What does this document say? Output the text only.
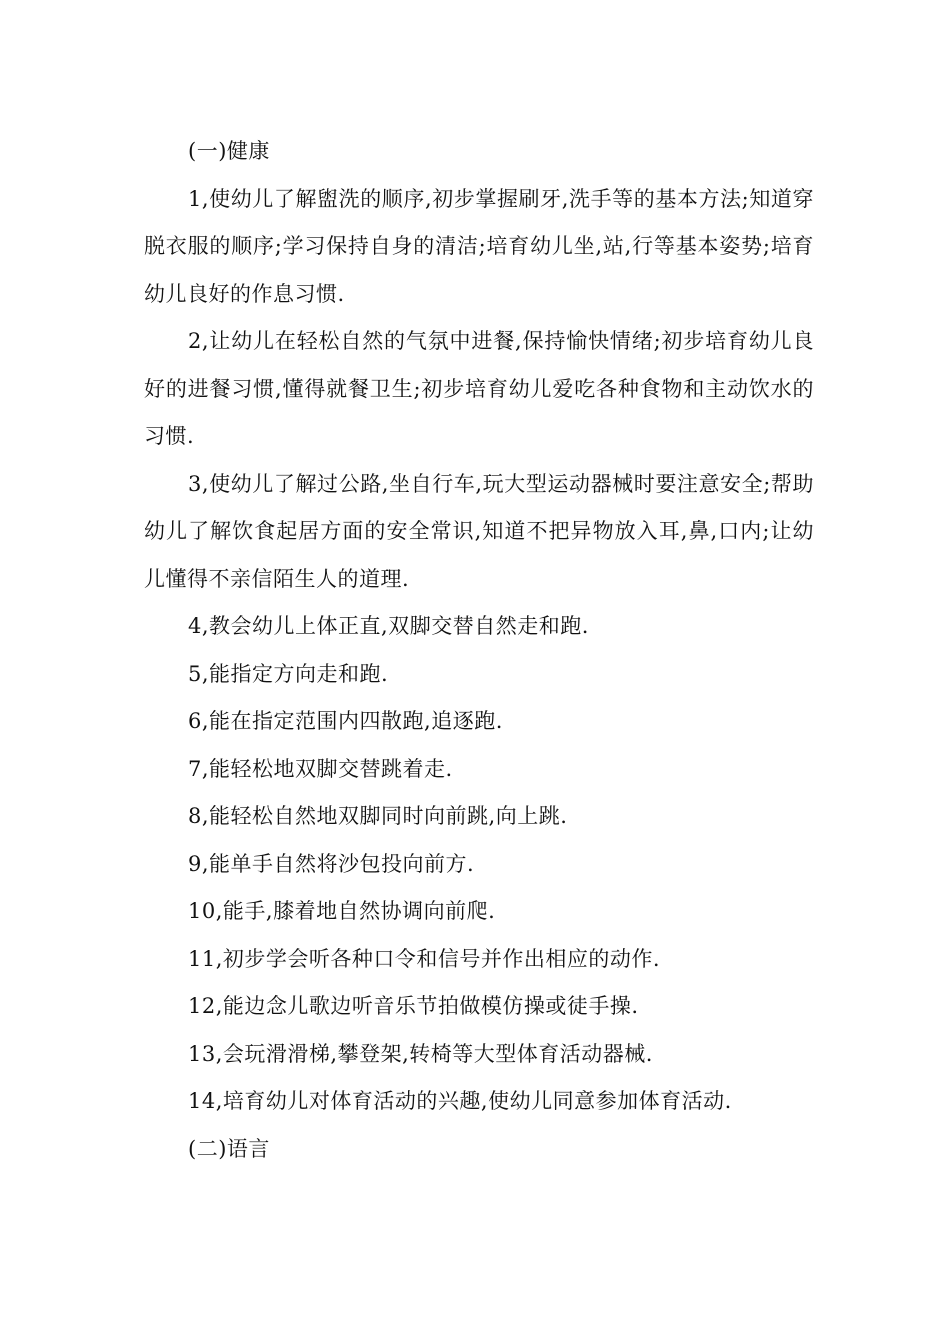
(一)健康

1,使幼儿了解盥洗的顺序,初步掌握刷牙,洗手等的基本方法;知道穿脱衣服的顺序;学习保持自身的清洁;培育幼儿坐,站,行等基本姿势;培育幼儿良好的作息习惯.

2,让幼儿在轻松自然的气氛中进餐,保持愉快情绪;初步培育幼儿良好的进餐习惯,懂得就餐卫生;初步培育幼儿爱吃各种食物和主动饮水的习惯.

3,使幼儿了解过公路,坐自行车,玩大型运动器械时要注意安全;帮助幼儿了解饮食起居方面的安全常识,知道不把异物放入耳,鼻,口内;让幼儿懂得不亲信陌生人的道理.

4,教会幼儿上体正直,双脚交替自然走和跑.

5,能指定方向走和跑.

6,能在指定范围内四散跑,追逐跑.

7,能轻松地双脚交替跳着走.

8,能轻松自然地双脚同时向前跳,向上跳.

9,能单手自然将沙包投向前方.

10,能手,膝着地自然协调向前爬.

11,初步学会听各种口令和信号并作出相应的动作.

12,能边念儿歌边听音乐节拍做模仿操或徒手操.

13,会玩滑滑梯,攀登架,转椅等大型体育活动器械.

14,培育幼儿对体育活动的兴趣,使幼儿同意参加体育活动.

(二)语言
